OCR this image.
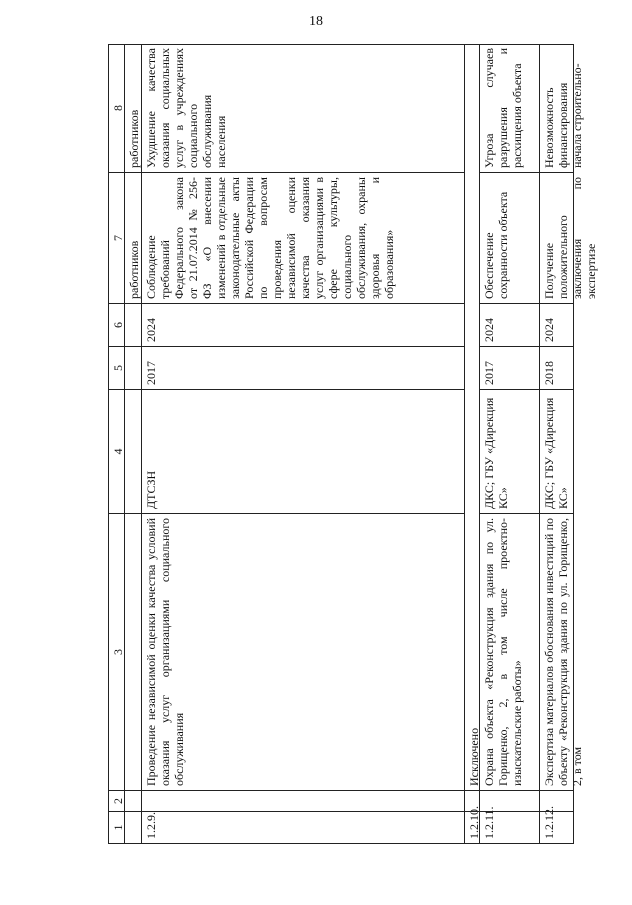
18
1
2
3
4
5
6
7
8
работников
работников
1.2.9.
Проведение независимой оценки качества условий оказания услуг организациями социального обслуживания
ДТСЗН
2017
2024
Соблюдение требований Федерального закона от 21.07.2014 № 256-ФЗ «О внесении изменений в отдельные законодательные акты Российской Федерации по вопросам проведения независимой оценки качества оказания услуг организациями в сфере культуры, социального обслуживания, охраны здоровья и образования»
Ухудшение качества оказания социальных услуг в учреждениях социального обслуживания населения
1.2.10.
Исключено
1.2.11.
Охрана объекта «Реконструкция здания по ул. Горищенко, 2, в том числе проектно-изыскательские работы»
ДКС; ГБУ «Дирекция КС»
2017
2024
Обеспечение сохранности объекта
Угроза случаев разрушения и расхищения объекта
1.2.12.
Экспертиза материалов обоснования инвестиций по объекту «Реконструкция здания по ул. Горищенко, 2, в том
ДКС; ГБУ «Дирекция КС»
2018
2024
Получение положительного заключения по экспертизе
Невозможность финансирования начала строительно-
